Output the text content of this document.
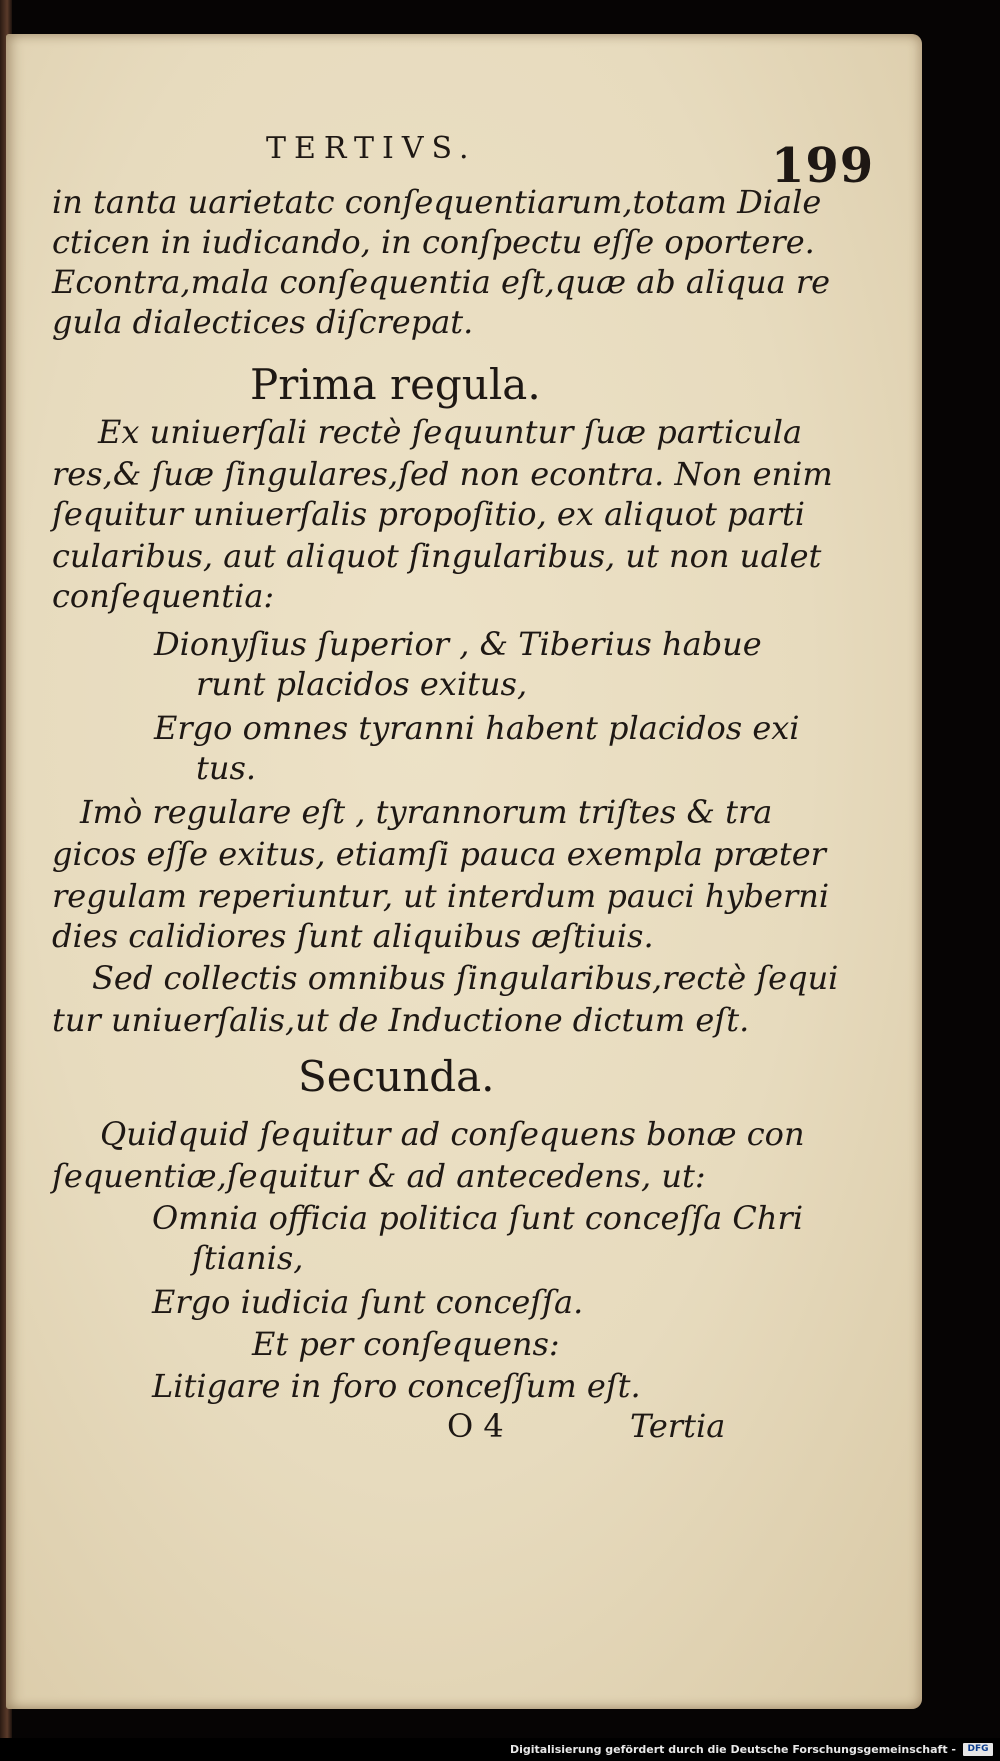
TERTIVS.	199
in tanta uarietatc conſequentiarum,totam Diale
cticen in iudicando, in conſpectu eſſe oportere.
Econtra,mala conſequentia eſt,quæ ab aliqua re
gula dialectices diſcrepat.
Prima regula.
Ex uniuerſali rectè ſequuntur ſuæ particula
res,& ſuæ ſingulares,ſed non econtra. Non enim
ſequitur uniuerſalis propoſitio, ex aliquot parti
cularibus, aut aliquot ſingularibus, ut non ualet
conſequentia:
Dionyſius ſuperior , & Tiberius habue
runt placidos exitus,
Ergo omnes tyranni habent placidos exi
tus.
Imò regulare eſt , tyrannorum triſtes & tra
gicos eſſe exitus, etiamſi pauca exempla præter
regulam reperiuntur, ut interdum pauci hyberni
dies calidiores ſunt aliquibus æſtiuis.
Sed collectis omnibus ſingularibus,rectè ſequi
tur uniuerſalis,ut de Inductione dictum eſt.
Secunda.
Quidquid ſequitur ad conſequens bonæ con
ſequentiæ,ſequitur & ad antecedens, ut:
Omnia officia politica ſunt conceſſa Chri
ſtianis,
Ergo iudicia ſunt conceſſa.
Et per conſequens:
Litigare in foro conceſſum eſt.
O 4	Tertia
Digitalisierung gefördert durch die Deutsche Forschungsgemeinschaft -	DFG
